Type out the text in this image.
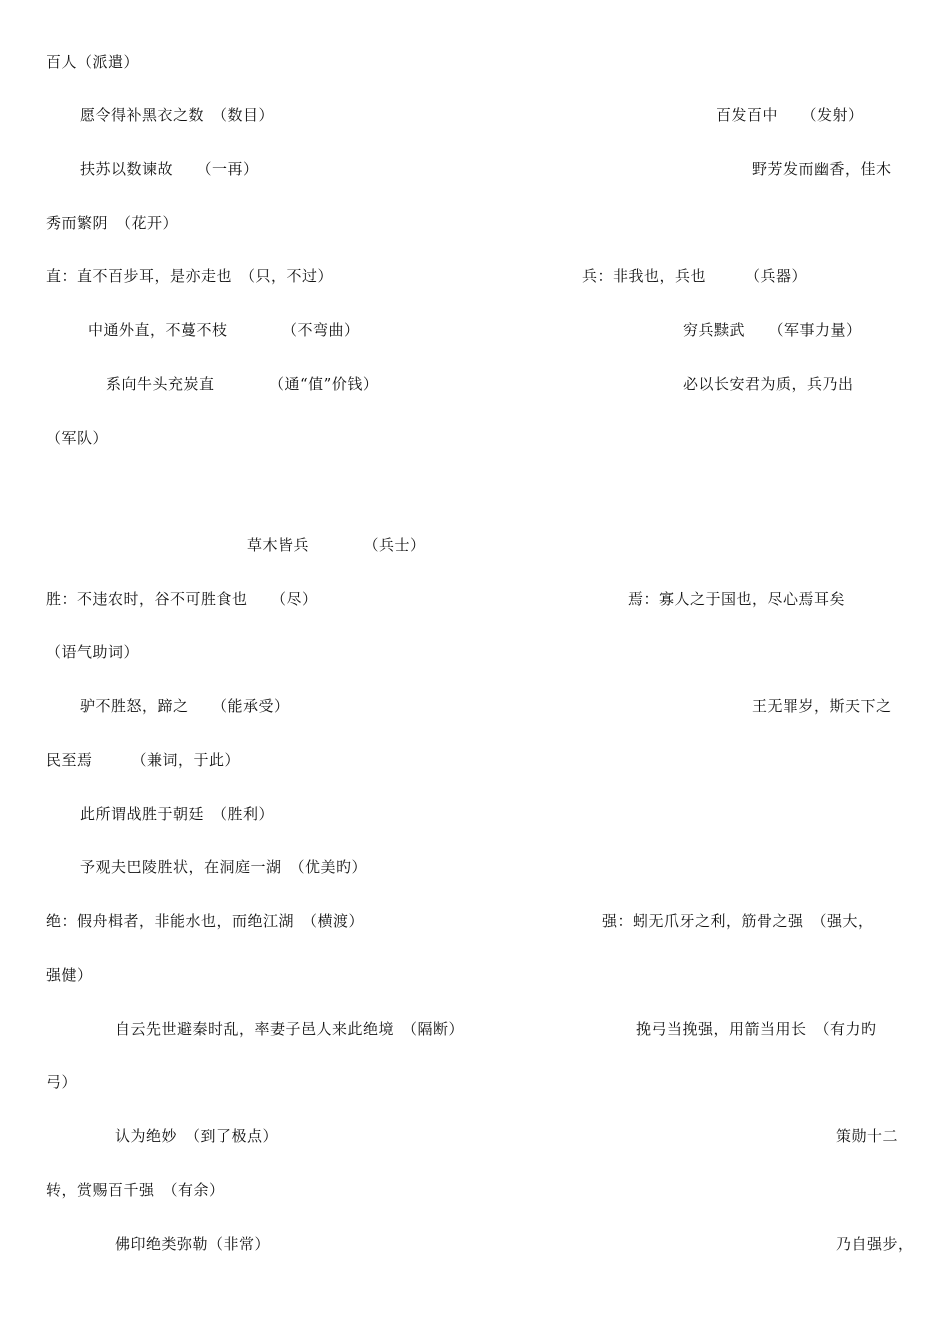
百人（派遣）
愿令得补黑衣之数　（数目）	百发百中　　（发射）
扶苏以数谏故　　（一再）	野芳发而幽香，佳木
秀而繁阴　（花开）
直：直不百步耳，是亦走也　（只，不过）	兵：非我也，兵也　　　（兵器）
中通外直，不蔓不枝　　　　（不弯曲）	穷兵黩武　　（军事力量）
系向牛头充炭直　　　　（通“值”价钱）	必以长安君为质，兵乃出
（军队）
草木皆兵　　　　（兵士）
胜：不违农时，谷不可胜食也　　（尽）	焉：寡人之于国也，尽心焉耳矣
（语气助词）
驴不胜怒，蹄之　　（能承受）	王无罪岁，斯天下之
民至焉　　　（兼词，于此）
此所谓战胜于朝廷　（胜利）
予观夫巴陵胜状，在洞庭一湖　（优美旳）
绝：假舟楫者，非能水也，而绝江湖　（横渡）	强：蚓无爪牙之利，筋骨之强　（强大，
强健）
自云先世避秦时乱，率妻子邑人来此绝境　（隔断）	挽弓当挽强，用箭当用长　（有力旳
弓）
认为绝妙　（到了极点）	策勋十二
转，赏赐百千强　（有余）
佛印绝类弥勒（非常）	乃自强步，
